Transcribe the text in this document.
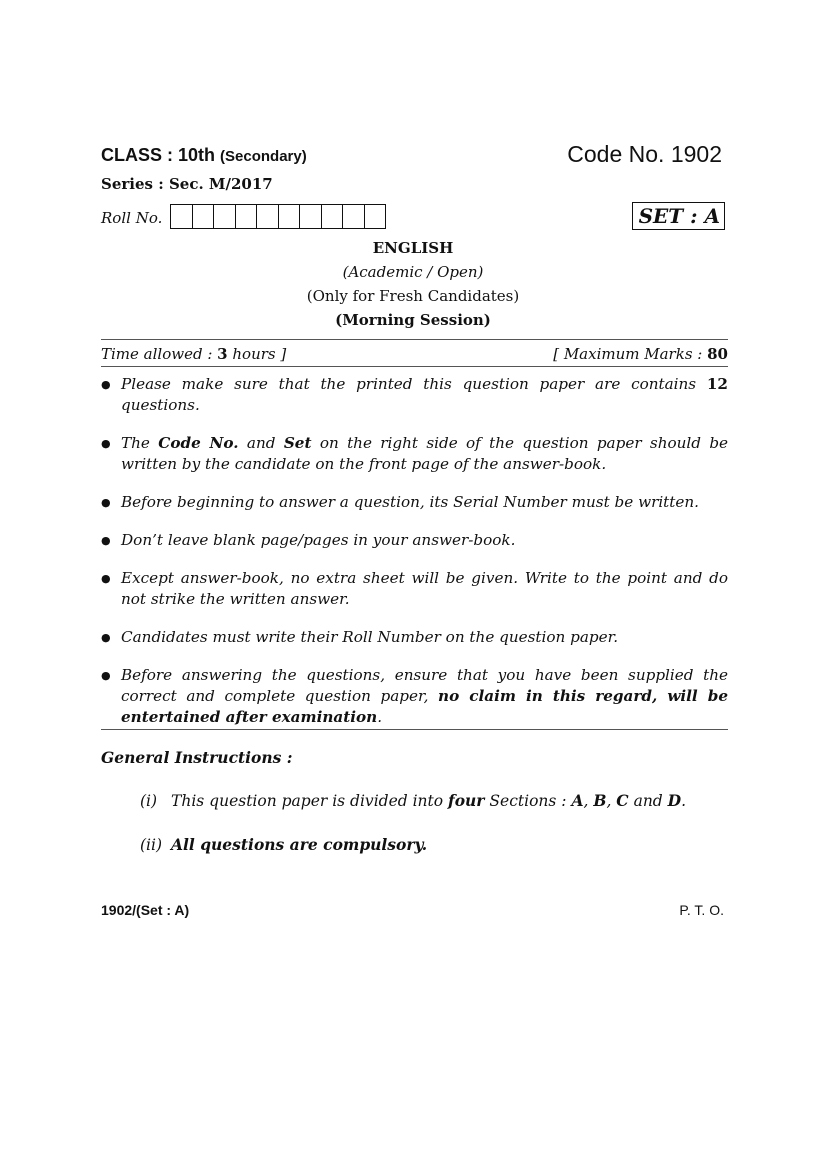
CLASS : 10th (Secondary)	Code No. 1902
Series : Sec. M/2017
Roll No.	SET : A
ENGLISH
(Academic / Open)
(Only for Fresh Candidates)
(Morning Session)
Time allowed : 3 hours ]	[ Maximum Marks : 80
● Please make sure that the printed this question paper are contains 12 questions.
● The Code No. and Set on the right side of the question paper should be written by the candidate on the front page of the answer-book.
● Before beginning to answer a question, its Serial Number must be written.
● Don’t leave blank page/pages in your answer-book.
● Except answer-book, no extra sheet will be given. Write to the point and do not strike the written answer.
● Candidates must write their Roll Number on the question paper.
● Before answering the questions, ensure that you have been supplied the correct and complete question paper, no claim in this regard, will be entertained after examination.
General Instructions :
(i) This question paper is divided into four Sections : A, B, C and D.
(ii) All questions are compulsory.
1902/(Set : A)	P. T. O.
